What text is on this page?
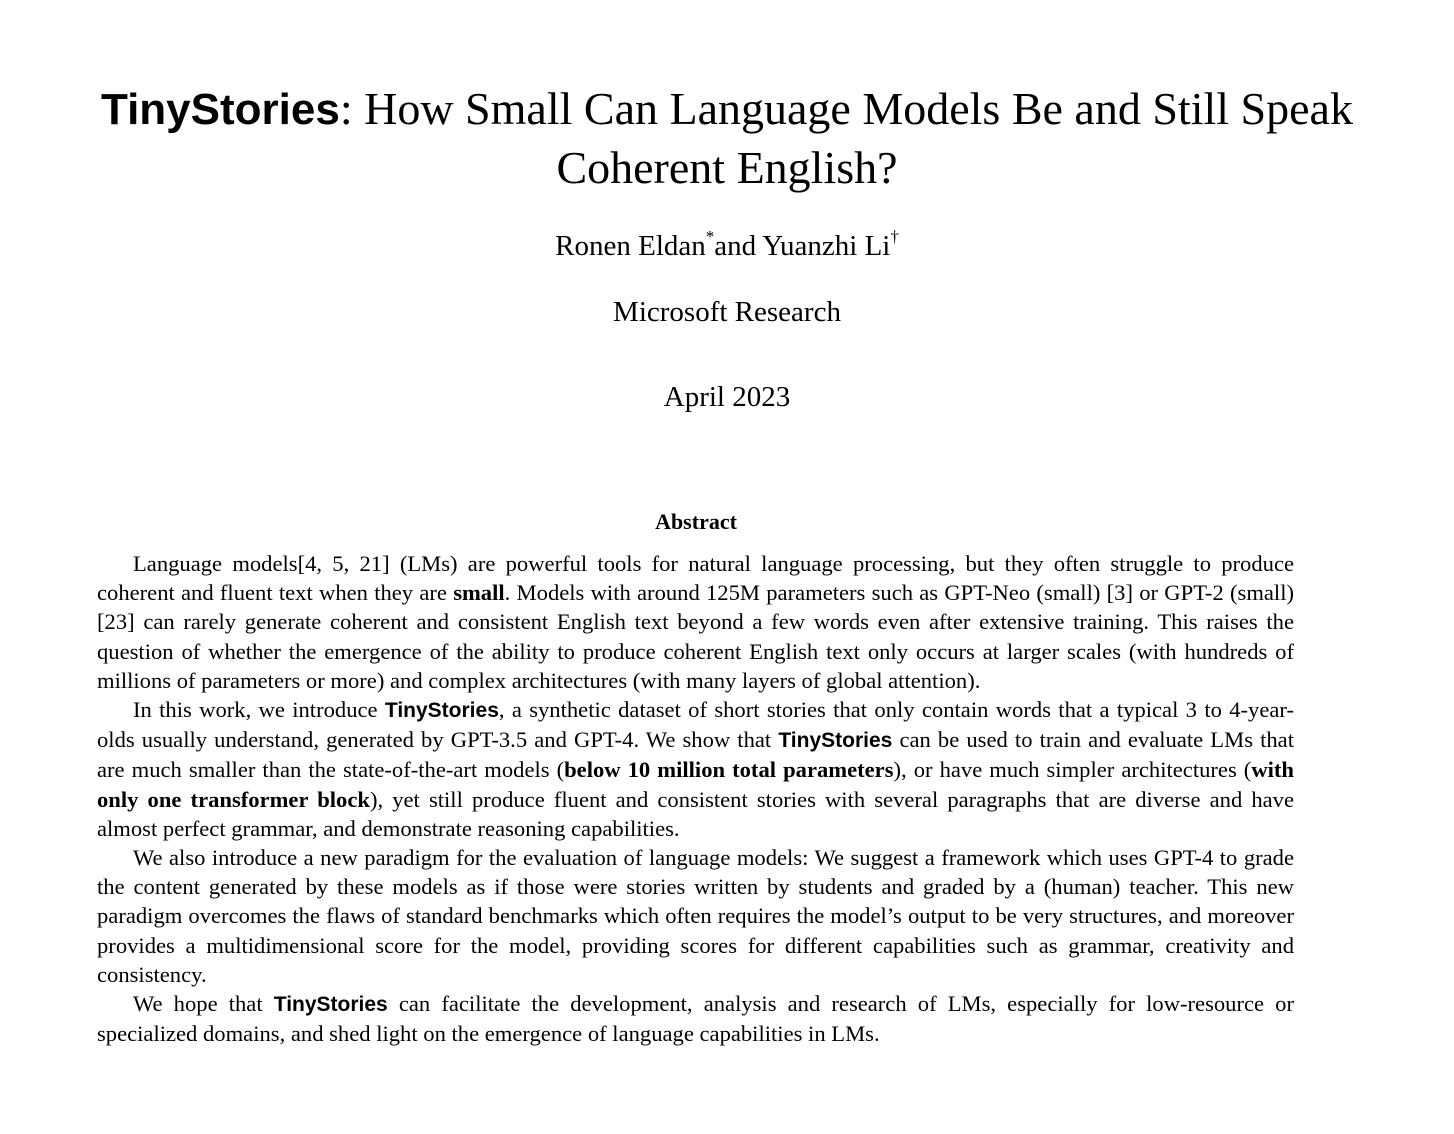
TinyStories: How Small Can Language Models Be and Still Speak Coherent English?
Ronen Eldan*and Yuanzhi Li†
Microsoft Research
April 2023
Abstract

Language models[4, 5, 21] (LMs) are powerful tools for natural language processing, but they often struggle to produce coherent and fluent text when they are small. Models with around 125M parameters such as GPT-Neo (small) [3] or GPT-2 (small) [23] can rarely generate coherent and consistent English text beyond a few words even after extensive training. This raises the question of whether the emergence of the ability to produce coherent English text only occurs at larger scales (with hundreds of millions of parameters or more) and complex architectures (with many layers of global attention).

In this work, we introduce TinyStories, a synthetic dataset of short stories that only contain words that a typical 3 to 4-year-olds usually understand, generated by GPT-3.5 and GPT-4. We show that TinyStories can be used to train and evaluate LMs that are much smaller than the state-of-the-art models (below 10 million total parameters), or have much simpler architectures (with only one transformer block), yet still produce fluent and consistent stories with several paragraphs that are diverse and have almost perfect grammar, and demonstrate reasoning capabilities.

We also introduce a new paradigm for the evaluation of language models: We suggest a framework which uses GPT-4 to grade the content generated by these models as if those were stories written by students and graded by a (human) teacher. This new paradigm overcomes the flaws of standard benchmarks which often requires the model’s output to be very structures, and moreover provides a multidimensional score for the model, providing scores for different capabilities such as grammar, creativity and consistency.

We hope that TinyStories can facilitate the development, analysis and research of LMs, especially for low-resource or specialized domains, and shed light on the emergence of language capabilities in LMs.
